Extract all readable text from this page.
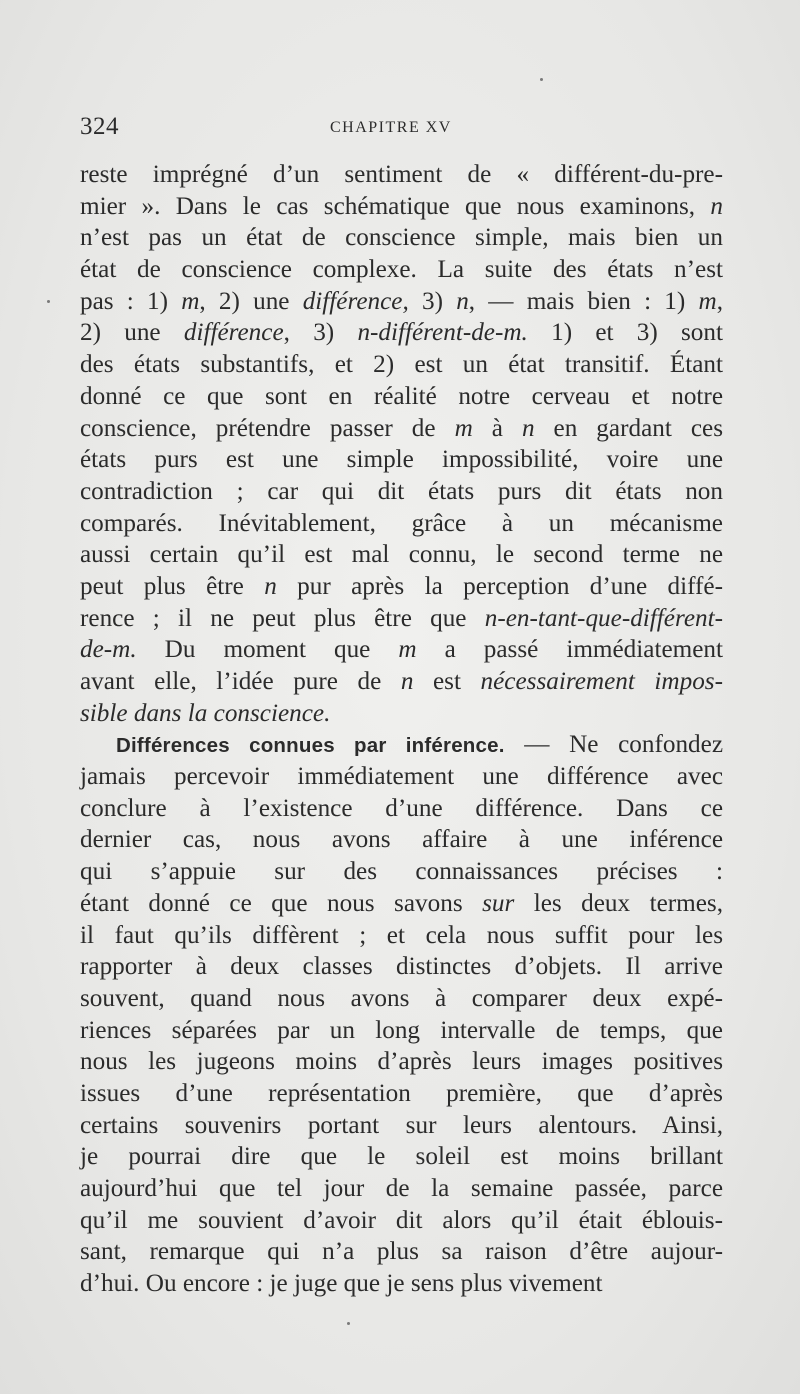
324	CHAPITRE XV
reste imprégné d’un sentiment de « différent-du-pre-
mier ». Dans le cas schématique que nous examinons, n
n’est pas un état de conscience simple, mais bien un
état de conscience complexe. La suite des états n’est
pas : 1) m, 2) une différence, 3) n, — mais bien : 1) m,
2) une différence, 3) n-différent-de-m. 1) et 3) sont
des états substantifs, et 2) est un état transitif. Étant
donné ce que sont en réalité notre cerveau et notre
conscience, prétendre passer de m à n en gardant ces
états purs est une simple impossibilité, voire une
contradiction ; car qui dit états purs dit états non
comparés. Inévitablement, grâce à un mécanisme
aussi certain qu’il est mal connu, le second terme ne
peut plus être n pur après la perception d’une diffé-
rence ; il ne peut plus être que n-en-tant-que-différent-
de-m. Du moment que m a passé immédiatement
avant elle, l’idée pure de n est nécessairement impos-
sible dans la conscience.
Différences connues par inférence. — Ne confondez
jamais percevoir immédiatement une différence avec
conclure à l’existence d’une différence. Dans ce
dernier cas, nous avons affaire à une inférence
qui s’appuie sur des connaissances précises :
étant donné ce que nous savons sur les deux termes,
il faut qu’ils diffèrent ; et cela nous suffit pour les
rapporter à deux classes distinctes d’objets. Il arrive
souvent, quand nous avons à comparer deux expé-
riences séparées par un long intervalle de temps, que
nous les jugeons moins d’après leurs images positives
issues d’une représentation première, que d’après
certains souvenirs portant sur leurs alentours. Ainsi,
je pourrai dire que le soleil est moins brillant
aujourd’hui que tel jour de la semaine passée, parce
qu’il me souvient d’avoir dit alors qu’il était éblouis-
sant, remarque qui n’a plus sa raison d’être aujour-
d’hui. Ou encore : je juge que je sens plus vivement
